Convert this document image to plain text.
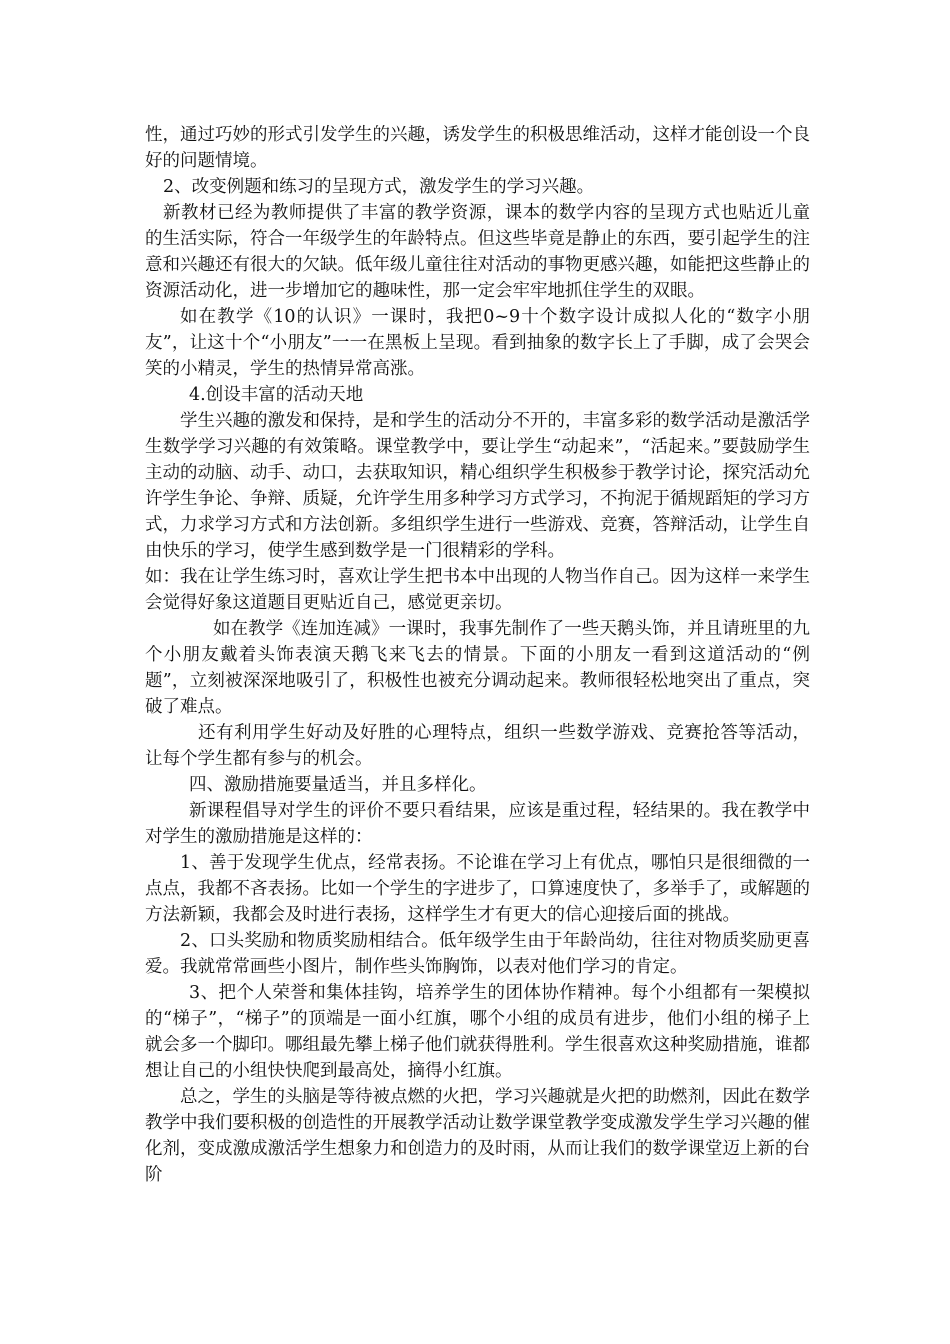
性，通过巧妙的形式引发学生的兴趣，诱发学生的积极思维活动，这样才能创设一个良好的问题情境。

2、改变例题和练习的呈现方式，激发学生的学习兴趣。

新教材已经为教师提供了丰富的教学资源，课本的数学内容的呈现方式也贴近儿童的生活实际，符合一年级学生的年龄特点。但这些毕竟是静止的东西，要引起学生的注意和兴趣还有很大的欠缺。低年级儿童往往对活动的事物更感兴趣，如能把这些静止的资源活动化，进一步增加它的趣味性，那一定会牢牢地抓住学生的双眼。

如在教学《10的认识》一课时，我把0~9十个数字设计成拟人化的“数字小朋友”，让这十个“小朋友”一一在黑板上呈现。看到抽象的数字长上了手脚，成了会哭会笑的小精灵，学生的热情异常高涨。

4.创设丰富的活动天地

学生兴趣的激发和保持，是和学生的活动分不开的，丰富多彩的数学活动是激活学生数学学习兴趣的有效策略。课堂教学中，要让学生“动起来”，“活起来。”要鼓励学生主动的动脑、动手、动口，去获取知识，精心组织学生积极参于教学讨论，探究活动允许学生争论、争辩、质疑，允许学生用多种学习方式学习，不拘泥于循规蹈矩的学习方式，力求学习方式和方法创新。多组织学生进行一些游戏、竞赛，答辩活动，让学生自由快乐的学习，使学生感到数学是一门很精彩的学科。

如：我在让学生练习时，喜欢让学生把书本中出现的人物当作自己。因为这样一来学生会觉得好象这道题目更贴近自己，感觉更亲切。

如在教学《连加连减》一课时，我事先制作了一些天鹅头饰，并且请班里的九个小朋友戴着头饰表演天鹅飞来飞去的情景。下面的小朋友一看到这道活动的“例题”，立刻被深深地吸引了，积极性也被充分调动起来。教师很轻松地突出了重点，突破了难点。

还有利用学生好动及好胜的心理特点，组织一些数学游戏、竞赛抢答等活动，让每个学生都有参与的机会。

四、激励措施要量适当，并且多样化。

新课程倡导对学生的评价不要只看结果，应该是重过程，轻结果的。我在教学中对学生的激励措施是这样的：

1、善于发现学生优点，经常表扬。不论谁在学习上有优点，哪怕只是很细微的一点点，我都不吝表扬。比如一个学生的字进步了，口算速度快了，多举手了，或解题的方法新颖，我都会及时进行表扬，这样学生才有更大的信心迎接后面的挑战。

2、口头奖励和物质奖励相结合。低年级学生由于年龄尚幼，往往对物质奖励更喜爱。我就常常画些小图片，制作些头饰胸饰，以表对他们学习的肯定。

3、把个人荣誉和集体挂钩，培养学生的团体协作精神。每个小组都有一架模拟的“梯子”，“梯子”的顶端是一面小红旗，哪个小组的成员有进步，他们小组的梯子上就会多一个脚印。哪组最先攀上梯子他们就获得胜利。学生很喜欢这种奖励措施，谁都想让自己的小组快快爬到最高处，摘得小红旗。

总之，学生的头脑是等待被点燃的火把，学习兴趣就是火把的助燃剂，因此在数学教学中我们要积极的创造性的开展教学活动让数学课堂教学变成激发学生学习兴趣的催化剂，变成激成激活学生想象力和创造力的及时雨，从而让我们的数学课堂迈上新的台阶
